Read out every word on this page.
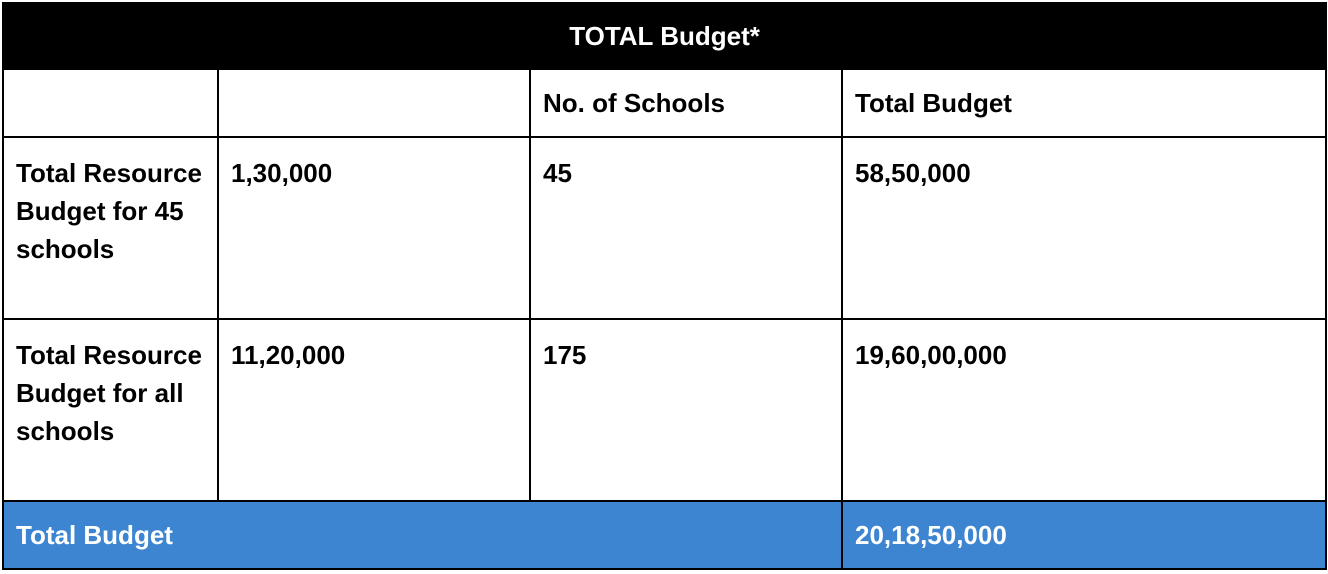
TOTAL Budget*			
		No. of Schools	Total Budget
Total Resource Budget for 45 schools	1,30,000	45	58,50,000
Total Resource Budget for all schools	11,20,000	175	19,60,00,000
Total Budget			20,18,50,000
